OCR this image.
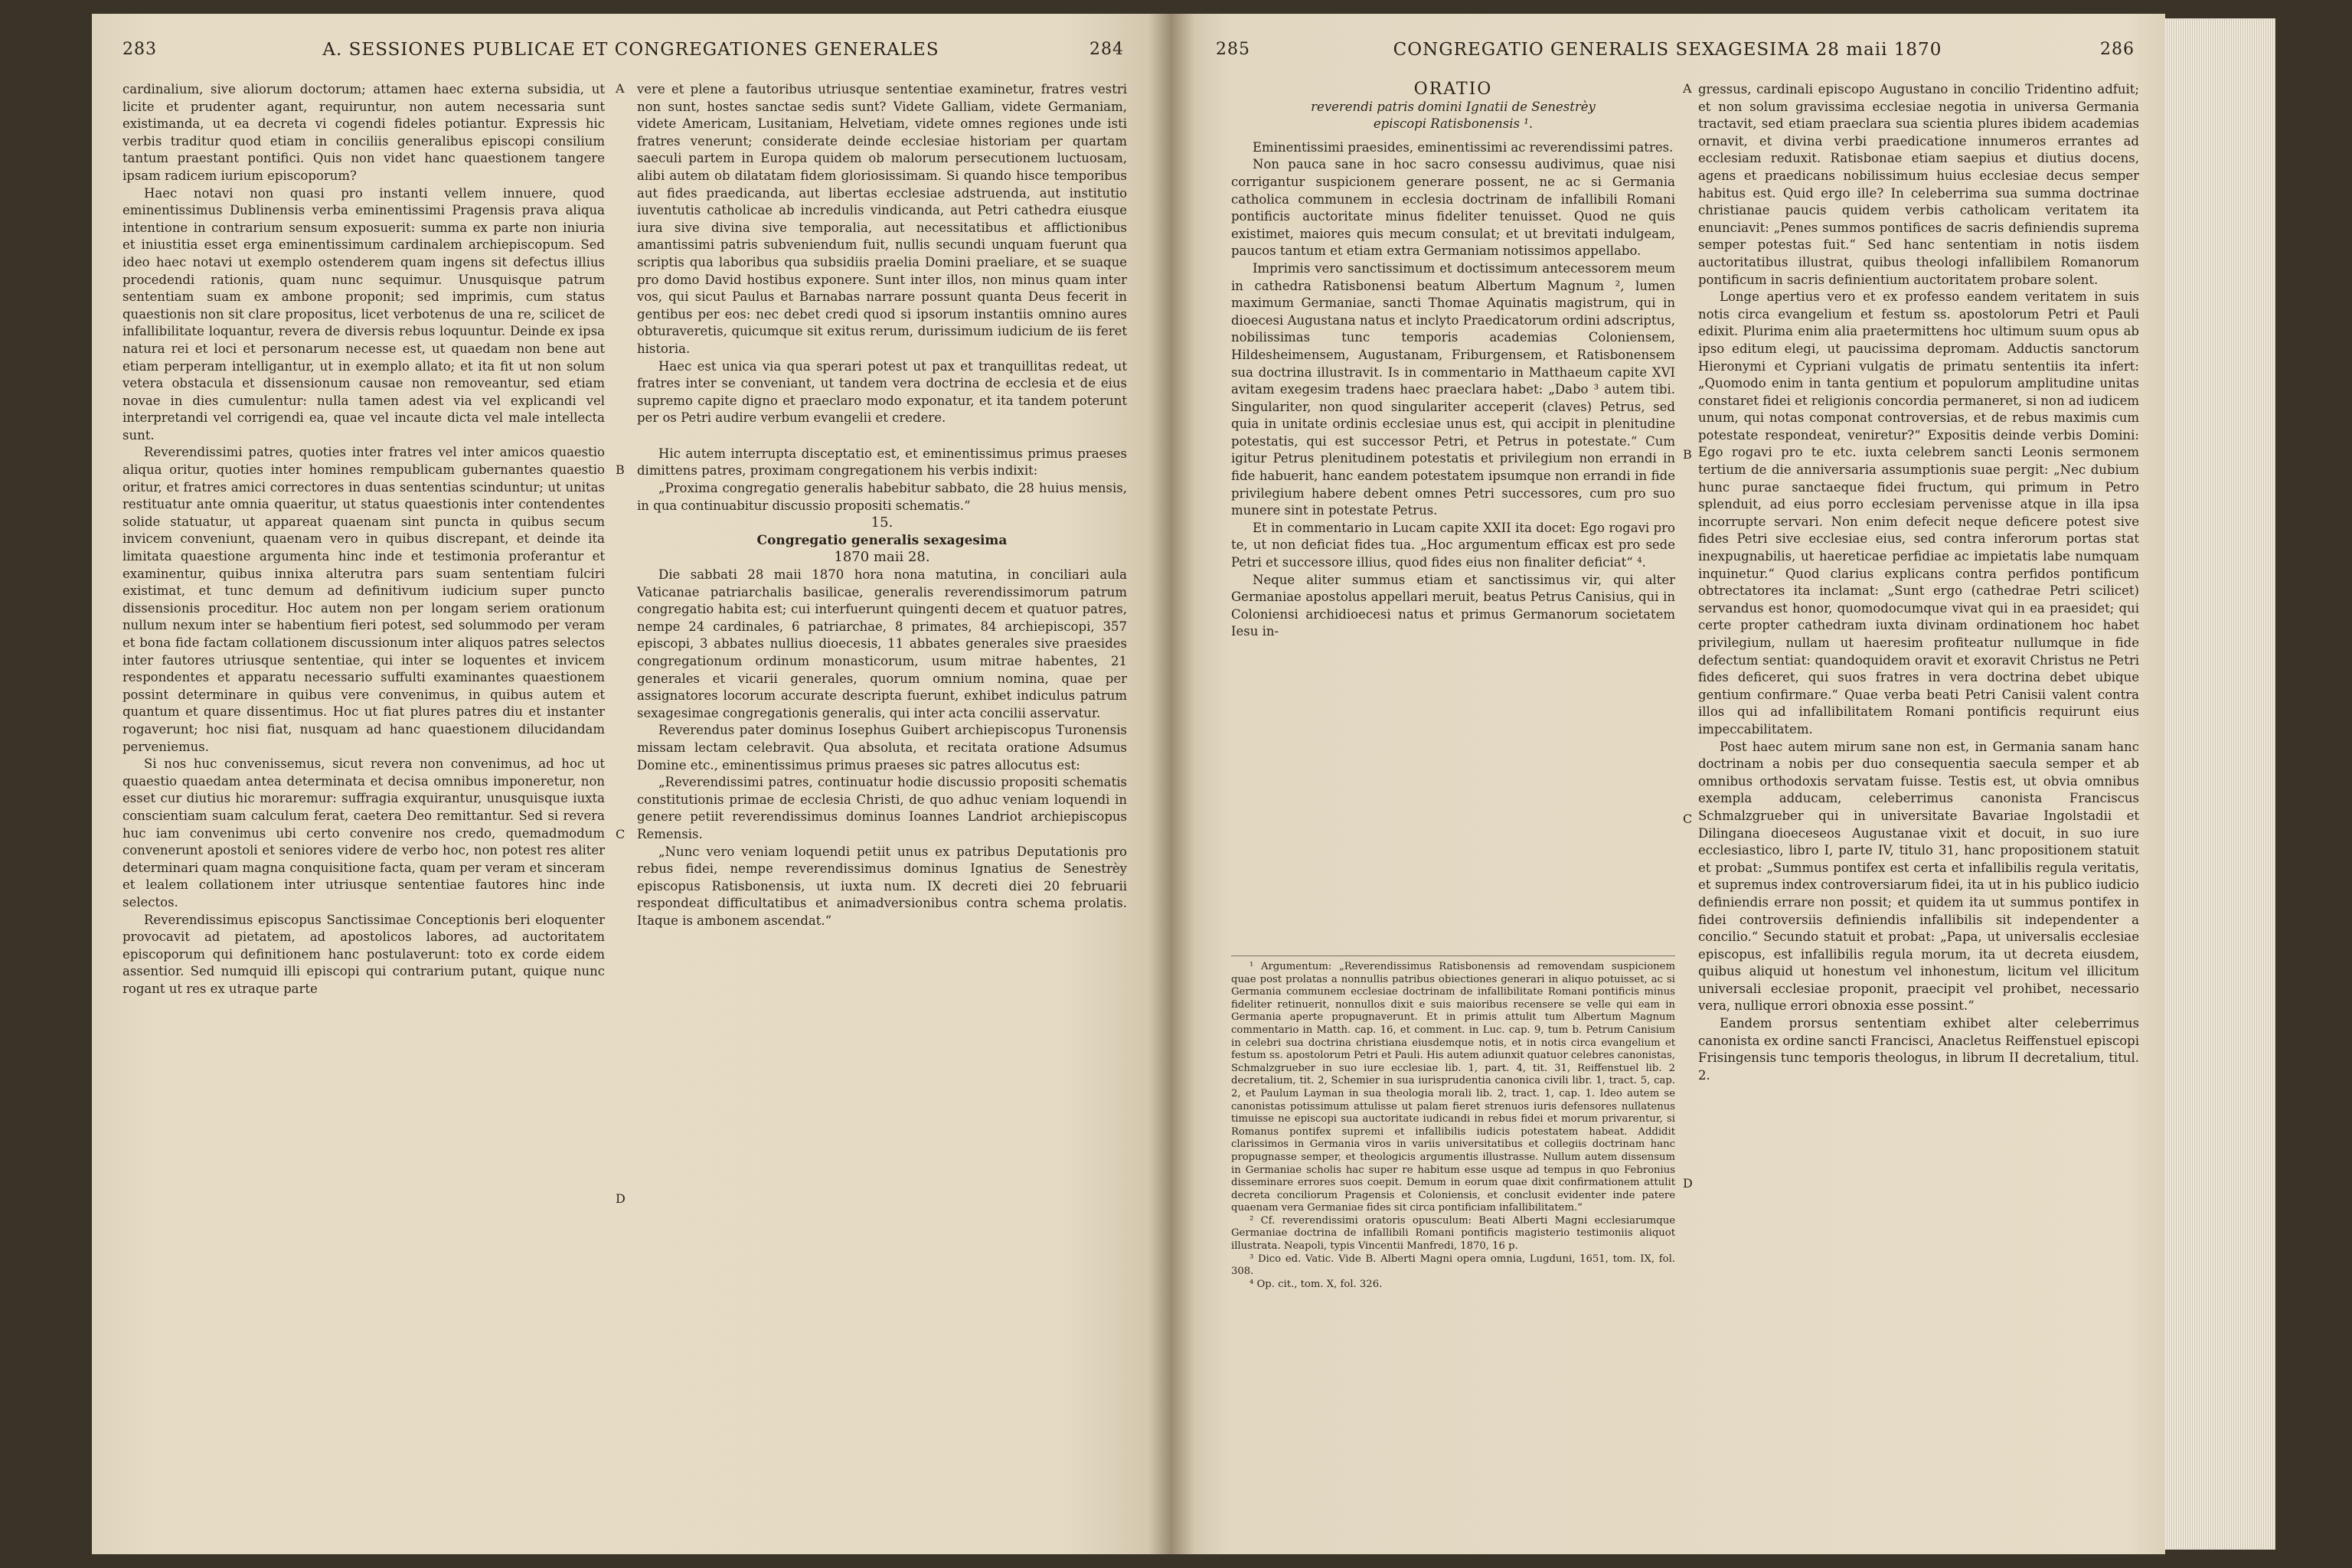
283	A. SESSIONES PUBLICAE ET CONGREGATIONES GENERALES	284

cardinalium, sive aliorum doctorum; attamen haec externa subsidia, ut licite et prudenter agant, requiruntur, non autem necessaria sunt existimanda, ut ea decreta vi cogendi fideles potiantur. Expressis hic verbis traditur quod etiam in conciliis generalibus episcopi consilium tantum praestant pontifici. Quis non videt hanc quaestionem tangere ipsam radicem iurium episcoporum?

Haec notavi non quasi pro instanti vellem innuere, quod eminentissimus Dublinensis verba eminentissimi Pragensis prava aliqua intentione in contrarium sensum exposuerit: summa ex parte non iniuria et iniustitia esset erga eminentissimum cardinalem archiepiscopum. Sed ideo haec notavi ut exemplo ostenderem quam ingens sit defectus illius procedendi rationis, quam nunc sequimur. Unusquisque patrum sententiam suam ex ambone proponit; sed imprimis, cum status quaestionis non sit clare propositus, licet verbotenus de una re, scilicet de infallibilitate loquantur, revera de diversis rebus loquuntur. Deinde ex ipsa natura rei et loci et personarum necesse est, ut quaedam non bene aut etiam perperam intelligantur, ut in exemplo allato; et ita fit ut non solum vetera obstacula et dissensionum causae non removeantur, sed etiam novae in dies cumulentur: nulla tamen adest via vel explicandi vel interpretandi vel corrigendi ea, quae vel incaute dicta vel male intellecta sunt.

Reverendissimi patres, quoties inter fratres vel inter amicos quaestio aliqua oritur, quoties inter homines rempublicam gubernantes quaestio oritur, et fratres amici correctores in duas sententias scinduntur; ut unitas restituatur ante omnia quaeritur, ut status quaestionis inter contendentes solide statuatur, ut appareat quaenam sint puncta in quibus secum invicem conveniunt, quaenam vero in quibus discrepant, et deinde ita limitata quaestione argumenta hinc inde et testimonia proferantur et examinentur, quibus innixa alterutra pars suam sententiam fulciri existimat, et tunc demum ad definitivum iudicium super puncto dissensionis proceditur. Hoc autem non per longam seriem orationum nullum nexum inter se habentium fieri potest, sed solummodo per veram et bona fide factam collationem discussionum inter aliquos patres selectos inter fautores utriusque sententiae, qui inter se loquentes et invicem respondentes et apparatu necessario suffulti examinantes quaestionem possint determinare in quibus vere convenimus, in quibus autem et quantum et quare dissentimus. Hoc ut fiat plures patres diu et instanter rogaverunt; hoc nisi fiat, nusquam ad hanc quaestionem dilucidandam perveniemus.

Si nos huc convenissemus, sicut revera non convenimus, ad hoc ut quaestio quaedam antea determinata et decisa omnibus imponeretur, non esset cur diutius hic moraremur: suffragia exquirantur, unusquisque iuxta conscientiam suam calculum ferat, caetera Deo remittantur. Sed si revera huc iam convenimus ubi certo convenire nos credo, quemadmodum convenerunt apostoli et seniores videre de verbo hoc, non potest res aliter determinari quam magna conquisitione facta, quam per veram et sinceram et lealem collationem inter utriusque sententiae fautores hinc inde selectos.

Reverendissimus episcopus Sanctissimae Conceptionis beri eloquenter provocavit ad pietatem, ad apostolicos labores, ad auctoritatem episcoporum qui definitionem hanc postulaverunt: toto ex corde eidem assentior. Sed numquid illi episcopi qui contrarium putant, quique nunc rogant ut res ex utraque parte

vere et plene a fautoribus utriusque sententiae examinetur, fratres vestri non sunt, hostes sanctae sedis sunt? Videte Galliam, videte Germaniam, videte Americam, Lusitaniam, Helvetiam, videte omnes regiones unde isti fratres venerunt; considerate deinde ecclesiae historiam per quartam saeculi partem in Europa quidem ob malorum persecutionem luctuosam, alibi autem ob dilatatam fidem gloriosissimam. Si quando hisce temporibus aut fides praedicanda, aut libertas ecclesiae adstruenda, aut institutio iuventutis catholicae ab incredulis vindicanda, aut Petri cathedra eiusque iura sive divina sive temporalia, aut necessitatibus et afflictionibus amantissimi patris subveniendum fuit, nullis secundi unquam fuerunt qua scriptis qua laboribus qua subsidiis praelia Domini praeliare, et se suaque pro domo David hostibus exponere. Sunt inter illos, non minus quam inter vos, qui sicut Paulus et Barnabas narrare possunt quanta Deus fecerit in gentibus per eos: nec debet credi quod si ipsorum instantiis omnino aures obturaveretis, quicumque sit exitus rerum, durissimum iudicium de iis feret historia.

Haec est unica via qua sperari potest ut pax et tranquillitas redeat, ut fratres inter se conveniant, ut tandem vera doctrina de ecclesia et de eius supremo capite digno et praeclaro modo exponatur, et ita tandem poterunt per os Petri audire verbum evangelii et credere.

Hic autem interrupta disceptatio est, et eminentissimus primus praeses dimittens patres, proximam congregationem his verbis indixit:

„Proxima congregatio generalis habebitur sabbato, die 28 huius mensis, in qua continuabitur discussio propositi schematis.“

15.

Congregatio generalis sexagesima

1870 maii 28.

Die sabbati 28 maii 1870 hora nona matutina, in conciliari aula Vaticanae patriarchalis basilicae, generalis reverendissimorum patrum congregatio habita est; cui interfuerunt quingenti decem et quatuor patres, nempe 24 cardinales, 6 patriarchae, 8 primates, 84 archiepiscopi, 357 episcopi, 3 abbates nullius dioecesis, 11 abbates generales sive praesides congregationum ordinum monasticorum, usum mitrae habentes, 21 generales et vicarii generales, quorum omnium nomina, quae per assignatores locorum accurate descripta fuerunt, exhibet indiculus patrum sexagesimae congregationis generalis, qui inter acta concilii asservatur.

Reverendus pater dominus Iosephus Guibert archiepiscopus Turonensis missam lectam celebravit. Qua absoluta, et recitata oratione Adsumus Domine etc., eminentissimus primus praeses sic patres allocutus est:

„Reverendissimi patres, continuatur hodie discussio propositi schematis constitutionis primae de ecclesia Christi, de quo adhuc veniam loquendi in genere petiit reverendissimus dominus Ioannes Landriot archiepiscopus Remensis.

„Nunc vero veniam loquendi petiit unus ex patribus Deputationis pro rebus fidei, nempe reverendissimus dominus Ignatius de Senestrèy episcopus Ratisbonensis, ut iuxta num. IX decreti diei 20 februarii respondeat difficultatibus et animadversionibus contra schema prolatis. Itaque is ambonem ascendat.“

A
B
C
D
285	CONGREGATIO GENERALIS SEXAGESIMA 28 maii 1870	286

ORATIO

reverendi patris domini Ignatii de Senestrèy

episcopi Ratisbonensis ¹.

Eminentissimi praesides, eminentissimi ac reverendissimi patres.

Non pauca sane in hoc sacro consessu audivimus, quae nisi corrigantur suspicionem generare possent, ne ac si Germania catholica communem in ecclesia doctrinam de infallibili Romani pontificis auctoritate minus fideliter tenuisset. Quod ne quis existimet, maiores quis mecum consulat; et ut brevitati indulgeam, paucos tantum et etiam extra Germaniam notissimos appellabo.

Imprimis vero sanctissimum et doctissimum antecessorem meum in cathedra Ratisbonensi beatum Albertum Magnum ², lumen maximum Germaniae, sancti Thomae Aquinatis magistrum, qui in dioecesi Augustana natus et inclyto Praedicatorum ordini adscriptus, nobilissimas tunc temporis academias Coloniensem, Hildesheimensem, Augustanam, Friburgensem, et Ratisbonensem sua doctrina illustravit. Is in commentario in Matthaeum capite XVI avitam exegesim tradens haec praeclara habet: „Dabo ³ autem tibi. Singulariter, non quod singulariter acceperit (claves) Petrus, sed quia in unitate ordinis ecclesiae unus est, qui accipit in plenitudine potestatis, qui est successor Petri, et Petrus in potestate.“ Cum igitur Petrus plenitudinem potestatis et privilegium non errandi in fide habuerit, hanc eandem potestatem ipsumque non errandi in fide privilegium habere debent omnes Petri successores, cum pro suo munere sint in potestate Petrus.

Et in commentario in Lucam capite XXII ita docet: Ego rogavi pro te, ut non deficiat fides tua. „Hoc argumentum efficax est pro sede Petri et successore illius, quod fides eius non finaliter deficiat“ ⁴.

Neque aliter summus etiam et sanctissimus vir, qui alter Germaniae apostolus appellari meruit, beatus Petrus Canisius, qui in Coloniensi archidioecesi natus et primus Germanorum societatem Iesu in-

¹ Argumentum: „Reverendissimus Ratisbonensis ad removendam suspicionem quae post prolatas a nonnullis patribus obiectiones generari in aliquo potuisset, ac si Germania communem ecclesiae doctrinam de infallibilitate Romani pontificis minus fideliter retinuerit, nonnullos dixit e suis maioribus recensere se velle qui eam in Germania aperte propugnaverunt. Et in primis attulit tum Albertum Magnum commentario in Matth. cap. 16, et comment. in Luc. cap. 9, tum b. Petrum Canisium in celebri sua doctrina christiana eiusdemque notis, et in notis circa evangelium et festum ss. apostolorum Petri et Pauli. His autem adiunxit quatuor celebres canonistas, Schmalzgrueber in suo iure ecclesiae lib. 1, part. 4, tit. 31, Reiffenstuel lib. 2 decretalium, tit. 2, Schemier in sua iurisprudentia canonica civili libr. 1, tract. 5, cap. 2, et Paulum Layman in sua theologia morali lib. 2, tract. 1, cap. 1. Ideo autem se canonistas potissimum attulisse ut palam fieret strenuos iuris defensores nullatenus timuisse ne episcopi sua auctoritate iudicandi in rebus fidei et morum privarentur, si Romanus pontifex supremi et infallibilis iudicis potestatem habeat. Addidit clarissimos in Germania viros in variis universitatibus et collegiis doctrinam hanc propugnasse semper, et theologicis argumentis illustrasse. Nullum autem dissensum in Germaniae scholis hac super re habitum esse usque ad tempus in quo Febronius disseminare errores suos coepit. Demum in eorum quae dixit confirmationem attulit decreta conciliorum Pragensis et Coloniensis, et conclusit evidenter inde patere quaenam vera Germaniae fides sit circa pontificiam infallibilitatem.“

² Cf. reverendissimi oratoris opusculum: Beati Alberti Magni ecclesiarumque Germaniae doctrina de infallibili Romani pontificis magisterio testimoniis aliquot illustrata. Neapoli, typis Vincentii Manfredi, 1870, 16 p.

³ Dico ed. Vatic. Vide B. Alberti Magni opera omnia, Lugduni, 1651, tom. IX, fol. 308.

⁴ Op. cit., tom. X, fol. 326.

gressus, cardinali episcopo Augustano in concilio Tridentino adfuit; et non solum gravissima ecclesiae negotia in universa Germania tractavit, sed etiam praeclara sua scientia plures ibidem academias ornavit, et divina verbi praedicatione innumeros errantes ad ecclesiam reduxit. Ratisbonae etiam saepius et diutius docens, agens et praedicans nobilissimum huius ecclesiae decus semper habitus est. Quid ergo ille? In celeberrima sua summa doctrinae christianae paucis quidem verbis catholicam veritatem ita enunciavit: „Penes summos pontifices de sacris definiendis suprema semper potestas fuit.“ Sed hanc sententiam in notis iisdem auctoritatibus illustrat, quibus theologi infallibilem Romanorum pontificum in sacris definientium auctoritatem probare solent.

Longe apertius vero et ex professo eandem veritatem in suis notis circa evangelium et festum ss. apostolorum Petri et Pauli edixit. Plurima enim alia praetermittens hoc ultimum suum opus ab ipso editum elegi, ut paucissima depromam. Adductis sanctorum Hieronymi et Cypriani vulgatis de primatu sententiis ita infert: „Quomodo enim in tanta gentium et populorum amplitudine unitas constaret fidei et religionis concordia permaneret, si non ad iudicem unum, qui notas componat controversias, et de rebus maximis cum potestate respondeat, veniretur?“ Expositis deinde verbis Domini: Ego rogavi pro te etc. iuxta celebrem sancti Leonis sermonem tertium de die anniversaria assumptionis suae pergit: „Nec dubium hunc purae sanctaeque fidei fructum, qui primum in Petro splenduit, ad eius porro ecclesiam pervenisse atque in illa ipsa incorrupte servari. Non enim defecit neque deficere potest sive fides Petri sive ecclesiae eius, sed contra inferorum portas stat inexpugnabilis, ut haereticae perfidiae ac impietatis labe numquam inquinetur.“ Quod clarius explicans contra perfidos pontificum obtrectatores ita inclamat: „Sunt ergo (cathedrae Petri scilicet) servandus est honor, quomodocumque vivat qui in ea praesidet; qui certe propter cathedram iuxta divinam ordinationem hoc habet privilegium, nullam ut haeresim profiteatur nullumque in fide defectum sentiat: quandoquidem oravit et exoravit Christus ne Petri fides deficeret, qui suos fratres in vera doctrina debet ubique gentium confirmare.“ Quae verba beati Petri Canisii valent contra illos qui ad infallibilitatem Romani pontificis requirunt eius impeccabilitatem.

Post haec autem mirum sane non est, in Germania sanam hanc doctrinam a nobis per duo consequentia saecula semper et ab omnibus orthodoxis servatam fuisse. Testis est, ut obvia omnibus exempla adducam, celeberrimus canonista Franciscus Schmalzgrueber qui in universitate Bavariae Ingolstadii et Dilingana dioeceseos Augustanae vixit et docuit, in suo iure ecclesiastico, libro I, parte IV, titulo 31, hanc propositionem statuit et probat: „Summus pontifex est certa et infallibilis regula veritatis, et supremus index controversiarum fidei, ita ut in his publico iudicio definiendis errare non possit; et quidem ita ut summus pontifex in fidei controversiis definiendis infallibilis sit independenter a concilio.“ Secundo statuit et probat: „Papa, ut universalis ecclesiae episcopus, est infallibilis regula morum, ita ut decreta eiusdem, quibus aliquid ut honestum vel inhonestum, licitum vel illicitum universali ecclesiae proponit, praecipit vel prohibet, necessario vera, nullique errori obnoxia esse possint.“

Eandem prorsus sententiam exhibet alter celeberrimus canonista ex ordine sancti Francisci, Anacletus Reiffenstuel episcopi Frisingensis tunc temporis theologus, in librum II decretalium, titul. 2.

A
B
C
D
